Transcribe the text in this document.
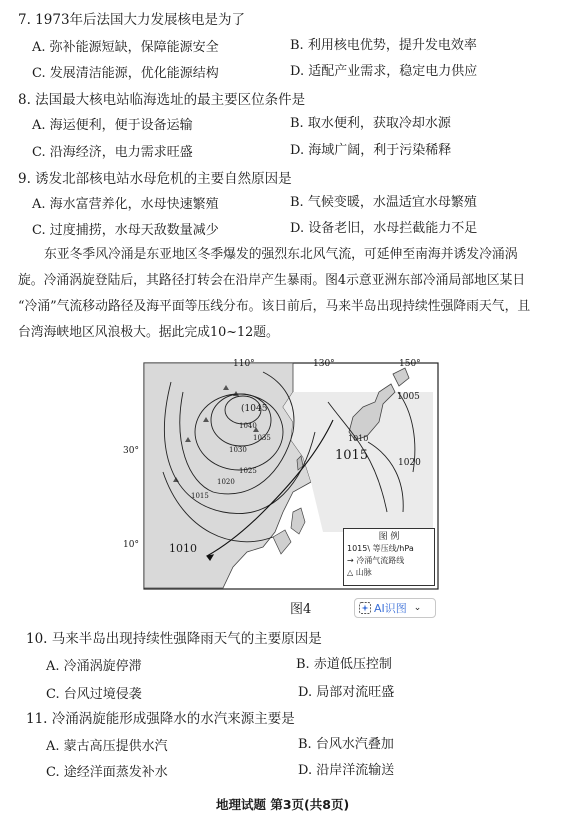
7. 1973年后法国大力发展核电是为了
A. 弥补能源短缺，保障能源安全	B. 利用核电优势，提升发电效率
C. 发展清洁能源，优化能源结构	D. 适配产业需求，稳定电力供应
8. 法国最大核电站临海选址的最主要区位条件是
A. 海运便利，便于设备运输	B. 取水便利，获取冷却水源
C. 沿海经济，电力需求旺盛	D. 海域广阔，利于污染稀释
9. 诱发北部核电站水母危机的主要自然原因是
A. 海水富营养化，水母快速繁殖	B. 气候变暖，水温适宜水母繁殖
C. 过度捕捞，水母天敌数量减少	D. 设备老旧，水母拦截能力不足
东亚冬季风冷涌是东亚地区冬季爆发的强烈东北风气流，可延伸至南海并诱发冷涌涡
旋。冷涌涡旋登陆后，其路径打转会在沿岸产生暴雨。图4示意亚洲东部冷涌局部地区某日
“冷涌”气流移动路径及海平面等压线分布。该日前后，马来半岛出现持续性强降雨天气，且
台湾海峡地区风浪极大。据此完成10~12题。
110°	130°	150°
30°
10°
(1045
1040
1035
1030
1025
1020
1015
1010
1015
1005
1010
1020
图 例
1015\ 等压线/hPa
→ 冷涌气流路线
△ 山脉
图4	AI识图 ⌄
10. 马来半岛出现持续性强降雨天气的主要原因是
A. 冷涌涡旋停滞	B. 赤道低压控制
C. 台风过境侵袭	D. 局部对流旺盛
11. 冷涌涡旋能形成强降水的水汽来源主要是
A. 蒙古高压提供水汽	B. 台风水汽叠加
C. 途经洋面蒸发补水	D. 沿岸洋流输送
地理试题 第3页(共8页)
